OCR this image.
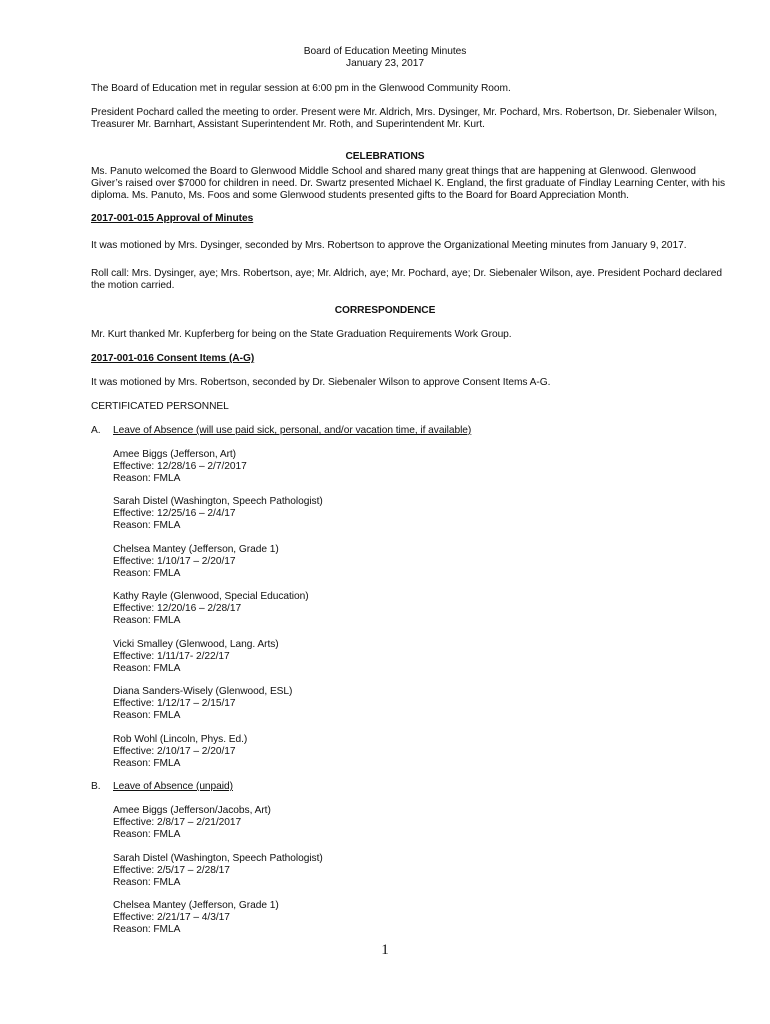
Board of Education Meeting Minutes
January 23, 2017
The Board of Education met in regular session at 6:00 pm in the Glenwood Community Room.
President Pochard called the meeting to order. Present were Mr. Aldrich, Mrs. Dysinger, Mr. Pochard, Mrs. Robertson, Dr. Siebenaler Wilson,
Treasurer Mr. Barnhart, Assistant Superintendent Mr. Roth, and Superintendent Mr. Kurt.
CELEBRATIONS
Ms. Panuto welcomed the Board to Glenwood Middle School and shared many great things that are happening at Glenwood. Glenwood
Giver’s raised over $7000 for children in need. Dr. Swartz presented Michael K. England, the first graduate of Findlay Learning Center, with his
diploma. Ms. Panuto, Ms. Foos and some Glenwood students presented gifts to the Board for Board Appreciation Month.
2017-001-015 Approval of Minutes
It was motioned by Mrs. Dysinger, seconded by Mrs. Robertson to approve the Organizational Meeting minutes from January 9, 2017.
Roll call: Mrs. Dysinger, aye; Mrs. Robertson, aye; Mr. Aldrich, aye; Mr. Pochard, aye; Dr. Siebenaler Wilson, aye. President Pochard declared
the motion carried.
CORRESPONDENCE
Mr. Kurt thanked Mr. Kupferberg for being on the State Graduation Requirements Work Group.
2017-001-016 Consent Items (A-G)
It was motioned by Mrs. Robertson, seconded by Dr. Siebenaler Wilson to approve Consent Items A-G.
CERTIFICATED PERSONNEL
A. Leave of Absence (will use paid sick, personal, and/or vacation time, if available)
Amee Biggs (Jefferson, Art)
Effective: 12/28/16 – 2/7/2017
Reason: FMLA
Sarah Distel (Washington, Speech Pathologist)
Effective: 12/25/16 – 2/4/17
Reason: FMLA
Chelsea Mantey (Jefferson, Grade 1)
Effective: 1/10/17 – 2/20/17
Reason: FMLA
Kathy Rayle (Glenwood, Special Education)
Effective: 12/20/16 – 2/28/17
Reason: FMLA
Vicki Smalley (Glenwood, Lang. Arts)
Effective: 1/11/17- 2/22/17
Reason: FMLA
Diana Sanders-Wisely (Glenwood, ESL)
Effective: 1/12/17 – 2/15/17
Reason: FMLA
Rob Wohl (Lincoln, Phys. Ed.)
Effective: 2/10/17 – 2/20/17
Reason: FMLA
B. Leave of Absence (unpaid)
Amee Biggs (Jefferson/Jacobs, Art)
Effective: 2/8/17 – 2/21/2017
Reason: FMLA
Sarah Distel (Washington, Speech Pathologist)
Effective: 2/5/17 – 2/28/17
Reason: FMLA
Chelsea Mantey (Jefferson, Grade 1)
Effective: 2/21/17 – 4/3/17
Reason: FMLA
1
